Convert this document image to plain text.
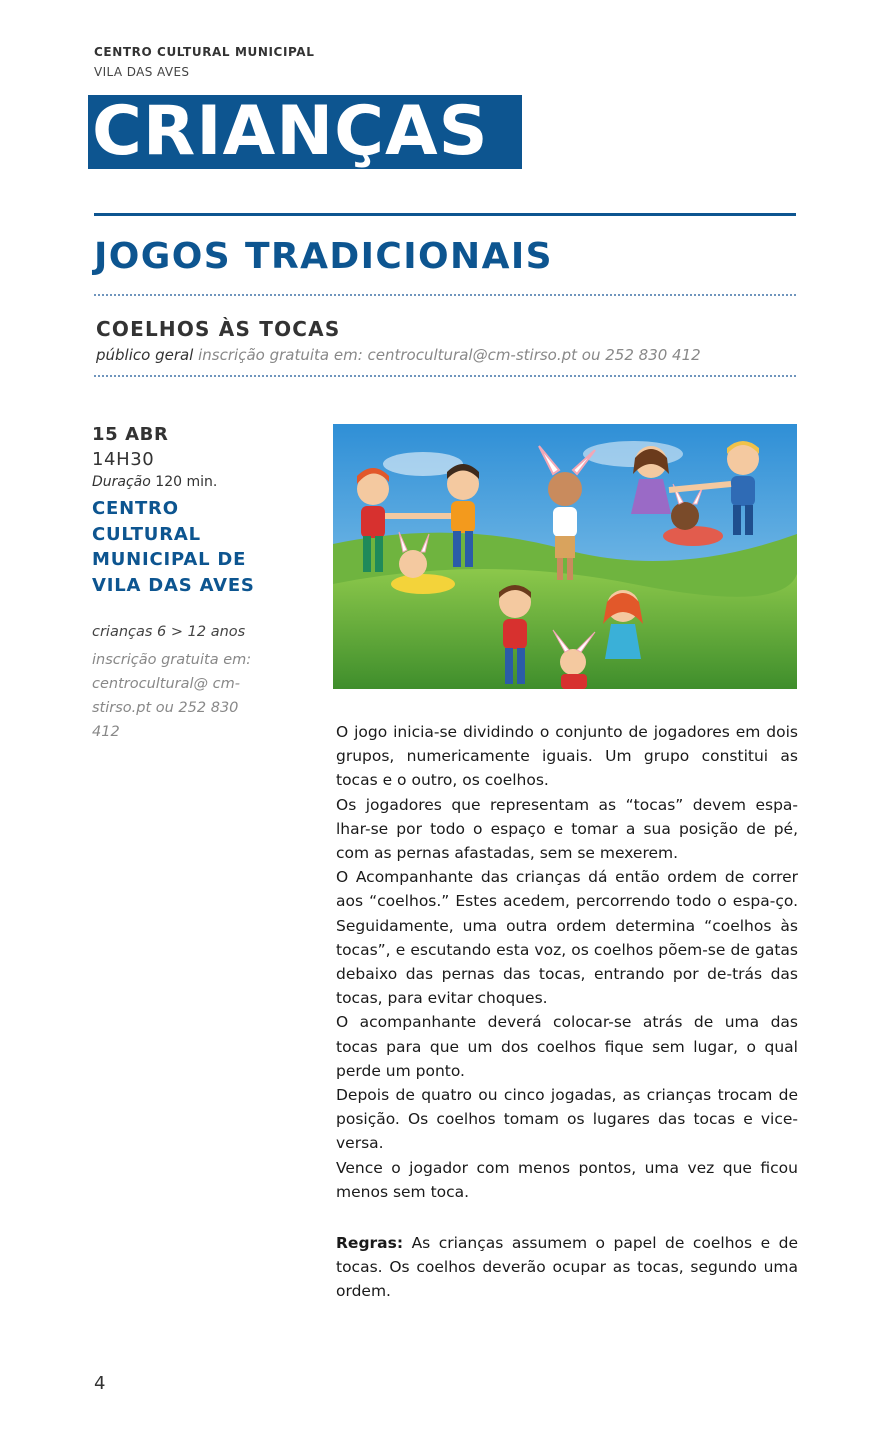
CENTRO CULTURAL MUNICIPAL
VILA DAS AVES
CRIANÇAS
JOGOS TRADICIONAIS
COELHOS ÀS TOCAS
público geral inscrição gratuita em: centrocultural@cm-stirso.pt ou 252 830 412
15 ABR
14H30
Duração 120 min.
CENTRO CULTURAL MUNICIPAL DE VILA DAS AVES
crianças 6 > 12 anos
inscrição gratuita em: centrocultural@ cm-stirso.pt ou 252 830 412	O jogo inicia-se dividindo o conjunto de jogadores em dois grupos, numericamente iguais. Um grupo constitui as tocas e o outro, os coelhos.

Os jogadores que representam as “tocas” devem espa-lhar-se por todo o espaço e tomar a sua posição de pé, com as pernas afastadas, sem se mexerem.

O Acompanhante das crianças dá então ordem de correr aos “coelhos.” Estes acedem, percorrendo todo o espa-ço. Seguidamente, uma outra ordem determina “coelhos às tocas”, e escutando esta voz, os coelhos põem-se de gatas debaixo das pernas das tocas, entrando por de-trás das tocas, para evitar choques.

O acompanhante deverá colocar-se atrás de uma das tocas para que um dos coelhos fique sem lugar, o qual perde um ponto.

Depois de quatro ou cinco jogadas, as crianças trocam de posição. Os coelhos tomam os lugares das tocas e vice-versa.

Vence o jogador com menos pontos, uma vez que ficou menos sem toca.

Regras: As crianças assumem o papel de coelhos e de tocas. Os coelhos deverão ocupar as tocas, segundo uma ordem.
4
